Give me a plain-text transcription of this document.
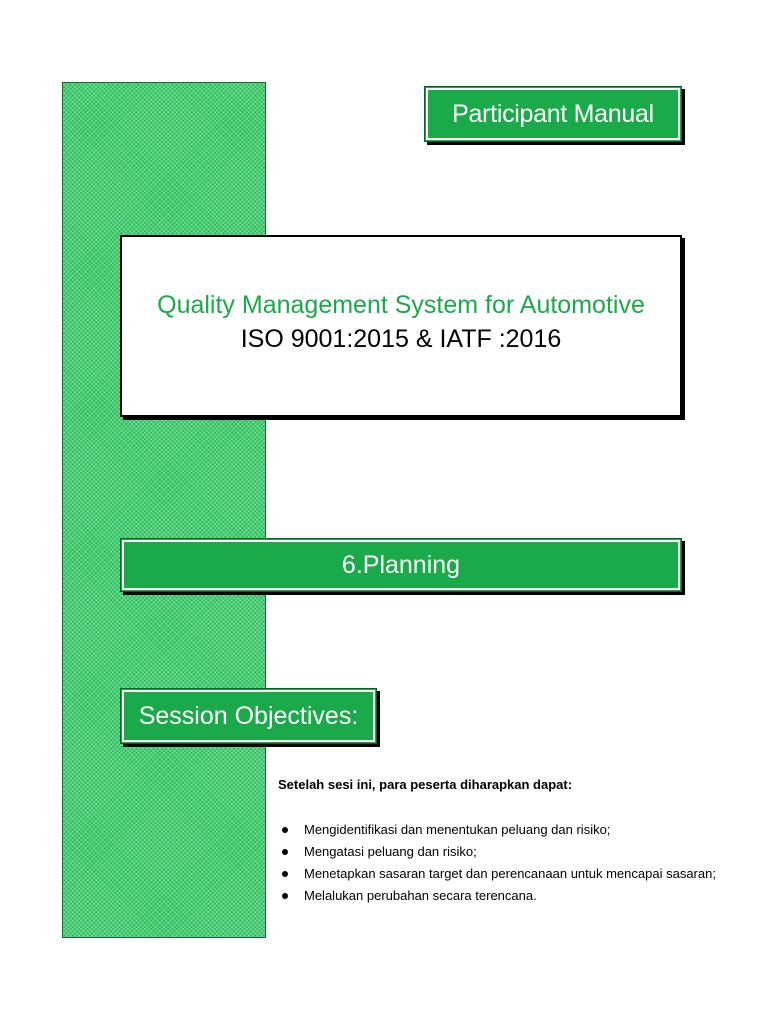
Participant Manual
Quality Management System for Automotive
ISO 9001:2015 & IATF :2016
6.Planning
Session Objectives:
Setelah sesi ini, para peserta diharapkan dapat:
Mengidentifikasi dan menentukan peluang dan risiko;
Mengatasi peluang dan risiko;
Menetapkan sasaran target dan perencanaan untuk mencapai sasaran;
Melalukan perubahan secara terencana.
